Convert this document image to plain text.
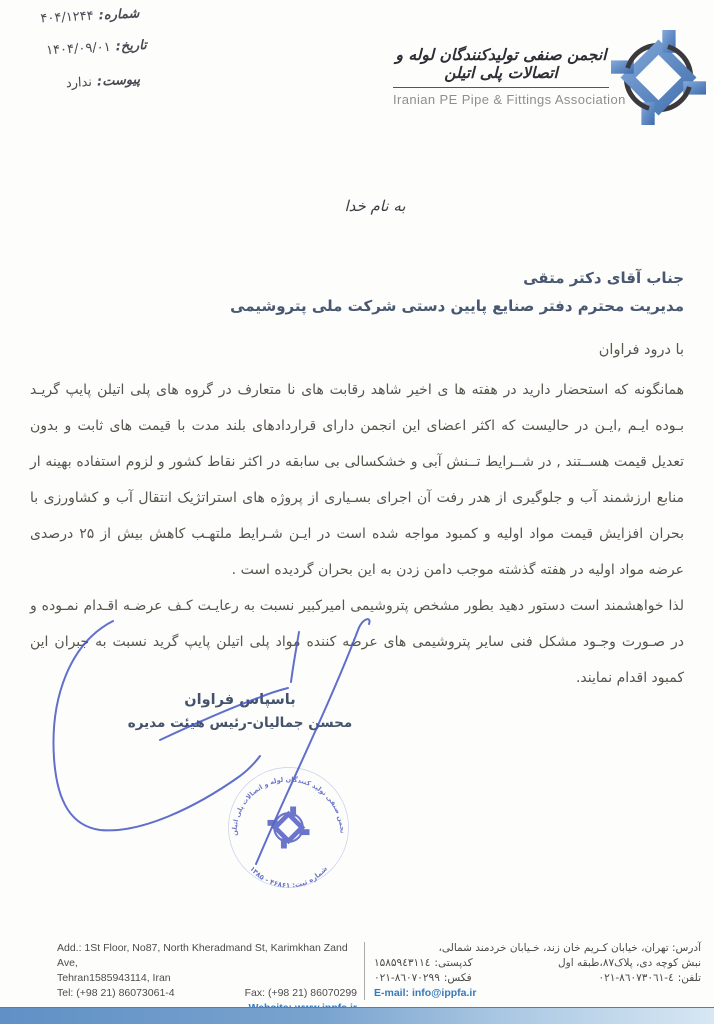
شماره:۴۰۴/۱۲۴۴
تاریخ:۱۴۰۴/۰۹/۰۱
پیوست:ندارد
انجمن صنفی تولیدکنندگان لوله و اتصالات پلی اتیلن
Iranian PE Pipe & Fittings Association
به نام خدا
جناب آقای دکتر متقی
مدیریت محترم دفتر صنایع پایین دستی شرکت ملی پتروشیمی
با درود فراوان

همانگونه که استحضار دارید در هفته ها ی اخیر شاهد رقابت های نا متعارف در گروه های پلی اتیلن پایپ گریـد بـوده ایـم ,ایـن در حالیست که اکثر اعضای این انجمن دارای قراردادهای بلند مدت با قیمت های ثابت و بدون تعدیل قیمت هســتند , در شــرایط تــنش آبی و خشکسالی بی سابقه در اکثر نقاط کشور و لزوم استفاده بهینه ار منابع ارزشمند آب و جلوگیری از هدر رفت آن اجرای بسـیاری از پروژه های استراتژیک انتقال آب و کشاورزی با بحران افزایش قیمت مواد اولیه و کمبود مواجه شده است در ایـن شـرایط ملتهـب کاهش بیش از ۲۵ درصدی عرضه مواد اولیه در هفته گذشته موجب دامن زدن به این بحران گردیده است .

لذا خواهشمند است دستور دهید بطور مشخص پتروشیمی امیرکبیر نسبت به رعایـت کـف عرضـه اقـدام نمـوده و در صـورت وجـود مشکل فنی سایر پتروشیمی های عرضه کننده مواد پلی اتیلن پایپ گرید نسبت به جبران این کمبود اقدام نمایند.

باسپاس فراوان
محسن جمالیان-رئیس هیئت مدیره
انجمن صنفی تولید کنندگان لوله و اتصالات پلی اتیلن
شماره ثبت: ۴۶۸۶۱ - ۱۳۸۵
Add.: 1St Floor, No87, North Kheradmand St, Karimkhan Zand Ave,
Tehran1585943114, Iran
Tel: (+98 21) 86073061-4	Fax: (+98 21) 86070299
آدرس: تهران، خیابان کـریم خان زند، خـیابان خردمند شمالی،
نبش کوچه دی، پلاک۸۷،طبقه اول
کدپستی:۱۵۸۵۹٤۳۱۱٤
تلفن:۰۲۱-۸٦۰۷۳۰٦۱-٤
فکس:۰۲۱-۸٦۰۷۰۲۹۹
E-mail: info@ippfa.ir
